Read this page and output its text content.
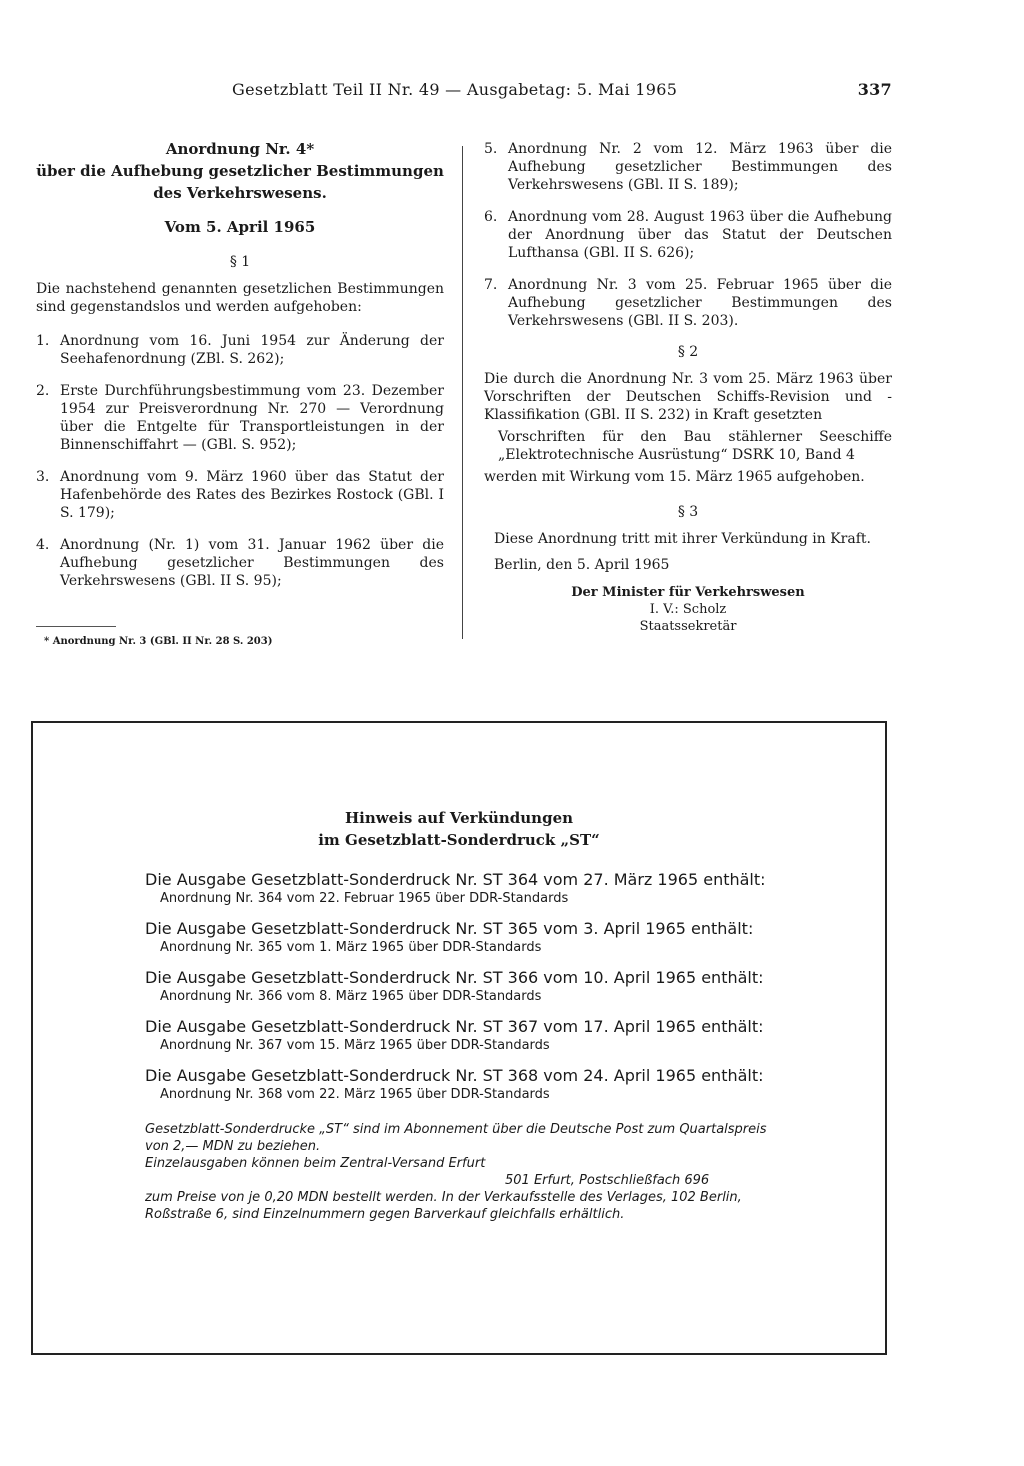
Gesetzblatt Teil II Nr. 49 — Ausgabetag: 5. Mai 1965	337
Anordnung Nr. 4*
über die Aufhebung gesetzlicher Bestimmungen
des Verkehrswesens.
Vom 5. April 1965
§ 1
Die nachstehend genannten gesetzlichen Bestimmungen sind gegenstandslos und werden aufgehoben:
1. Anordnung vom 16. Juni 1954 zur Änderung der Seehafenordnung (ZBl. S. 262);
2. Erste Durchführungsbestimmung vom 23. Dezember 1954 zur Preisverordnung Nr. 270 — Verordnung über die Entgelte für Transportleistungen in der Binnenschiffahrt — (GBl. S. 952);
3. Anordnung vom 9. März 1960 über das Statut der Hafenbehörde des Rates des Bezirkes Rostock (GBl. I S. 179);
4. Anordnung (Nr. 1) vom 31. Januar 1962 über die Aufhebung gesetzlicher Bestimmungen des Verkehrswesens (GBl. II S. 95);
* Anordnung Nr. 3 (GBl. II Nr. 28 S. 203)
5. Anordnung Nr. 2 vom 12. März 1963 über die Aufhebung gesetzlicher Bestimmungen des Verkehrswesens (GBl. II S. 189);
6. Anordnung vom 28. August 1963 über die Aufhebung der Anordnung über das Statut der Deutschen Lufthansa (GBl. II S. 626);
7. Anordnung Nr. 3 vom 25. Februar 1965 über die Aufhebung gesetzlicher Bestimmungen des Verkehrswesens (GBl. II S. 203).
§ 2
Die durch die Anordnung Nr. 3 vom 25. März 1963 über Vorschriften der Deutschen Schiffs-Revision und -Klassifikation (GBl. II S. 232) in Kraft gesetzten
Vorschriften für den Bau stählerner Seeschiffe „Elektrotechnische Ausrüstung“ DSRK 10, Band 4
werden mit Wirkung vom 15. März 1965 aufgehoben.
§ 3
Diese Anordnung tritt mit ihrer Verkündung in Kraft.
Berlin, den 5. April 1965
Der Minister für Verkehrswesen
I. V.: Scholz
Staatssekretär
Hinweis auf Verkündungen
im Gesetzblatt-Sonderdruck „ST“
Die Ausgabe Gesetzblatt-Sonderdruck Nr. ST 364 vom 27. März 1965 enthält:
Anordnung Nr. 364 vom 22. Februar 1965 über DDR-Standards
Die Ausgabe Gesetzblatt-Sonderdruck Nr. ST 365 vom 3. April 1965 enthält:
Anordnung Nr. 365 vom 1. März 1965 über DDR-Standards
Die Ausgabe Gesetzblatt-Sonderdruck Nr. ST 366 vom 10. April 1965 enthält:
Anordnung Nr. 366 vom 8. März 1965 über DDR-Standards
Die Ausgabe Gesetzblatt-Sonderdruck Nr. ST 367 vom 17. April 1965 enthält:
Anordnung Nr. 367 vom 15. März 1965 über DDR-Standards
Die Ausgabe Gesetzblatt-Sonderdruck Nr. ST 368 vom 24. April 1965 enthält:
Anordnung Nr. 368 vom 22. März 1965 über DDR-Standards
Gesetzblatt-Sonderdrucke „ST“ sind im Abonnement über die Deutsche Post zum Quartalspreis von 2,— MDN zu beziehen.
Einzelausgaben können beim Zentral-Versand Erfurt
501 Erfurt, Postschließfach 696
zum Preise von je 0,20 MDN bestellt werden. In der Verkaufsstelle des Verlages, 102 Berlin, Roßstraße 6, sind Einzelnummern gegen Barverkauf gleichfalls erhältlich.
